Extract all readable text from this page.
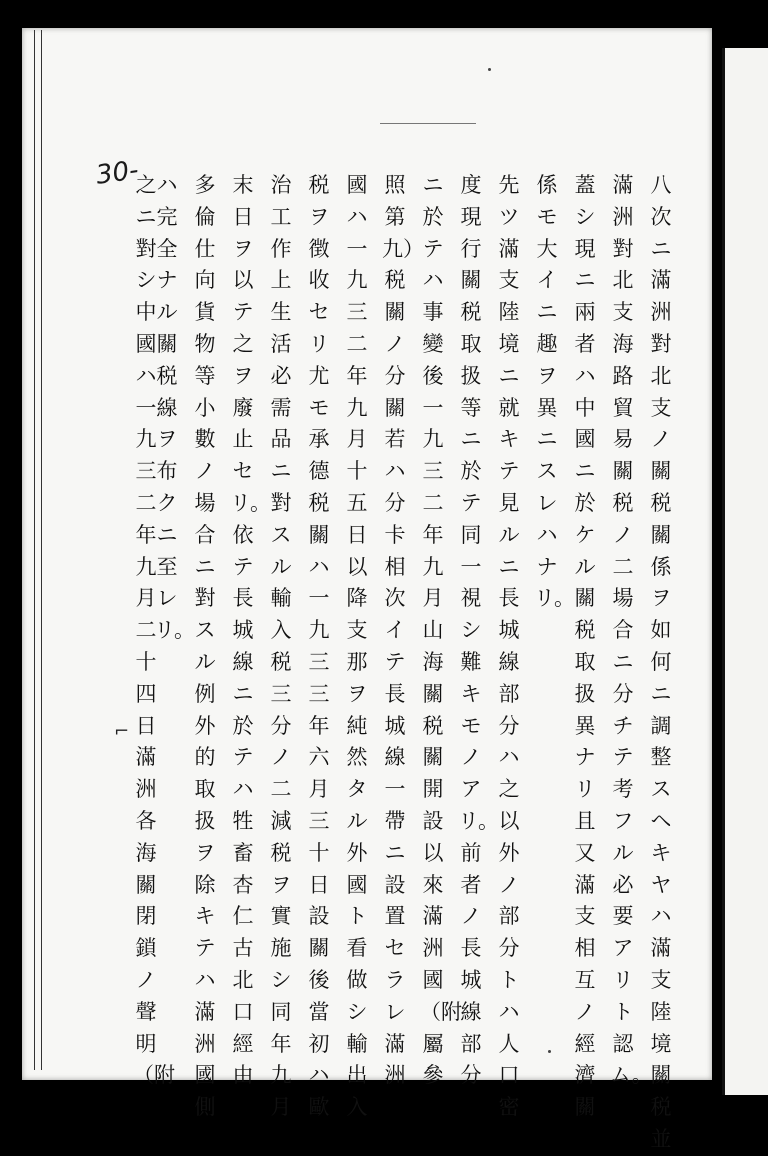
30-
⌐
八次ニ滿洲對北支ノ關税關係ヲ如何ニ調整スヘキヤハ滿支陸境關税並
滿洲對北支海路貿易關税ノ二場合ニ分チテ考フル必要アリト認ム。
蓋シ現ニ兩者ハ中國ニ於ケル關税取扱異ナリ且又滿支相互ノ經濟關
係モ大イニ趣ヲ異ニスレハナリ。
先ツ滿支陸境ニ就キテ見ルニ長城線部分ハ之以外ノ部分トハ人口密
度現行關税取扱等ニ於テ同一視シ難キモノアリ。前者ノ長城線部分
ニ於テハ事變後一九三二年九月山海關税關開設以來滿洲國（附屬參
照第九）税關ノ分關若ハ分卡相次イテ長城線一帶ニ設置セラレ滿洲
國ハ一九三二年九月十五日以降支那ヲ純然タル外國ト看做シ輸出入
税ヲ徴收セリ尤モ承德税關ハ一九三三年六月三十日設關後當初ハ歐
治工作上生活必需品ニ對スル輸入税三分ノ二減税ヲ實施シ同年九月
末日ヲ以テ之ヲ廢止セリ。依テ長城線ニ於テハ牲畜杏仁古北口經由
多倫仕向貨物等小數ノ場合ニ對スル例外的取扱ヲ除キテハ滿洲國側
ハ完全ナル關税線ヲ布クニ至レリ。
之ニ對シ中國ハ一九三二年九月二十四日滿洲各海關閉鎖ノ聲明（附
